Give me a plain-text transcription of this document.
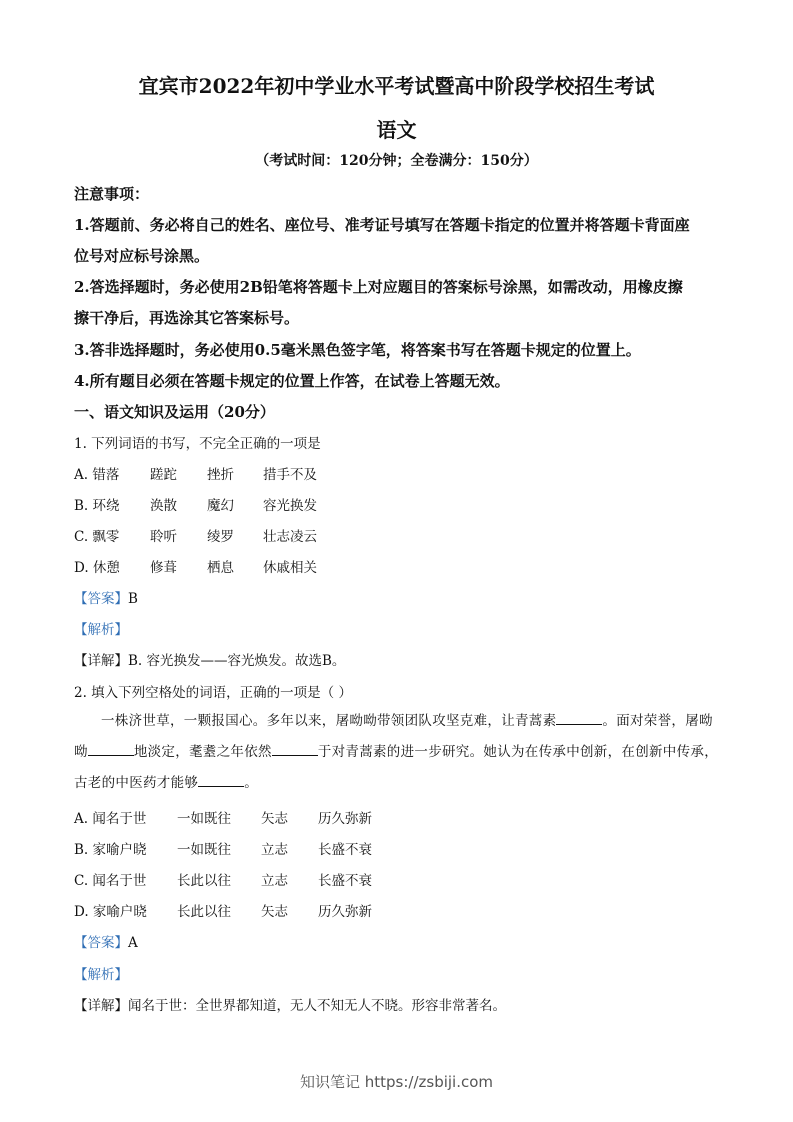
宜宾市2022年初中学业水平考试暨高中阶段学校招生考试
语文
（考试时间：120分钟；全卷满分：150分）
注意事项：
1.答题前、务必将自己的姓名、座位号、准考证号填写在答题卡指定的位置并将答题卡背面座
位号对应标号涂黑。
2.答选择题时，务必使用2B铅笔将答题卡上对应题目的答案标号涂黑，如需改动，用橡皮擦
擦干净后，再选涂其它答案标号。
3.答非选择题时，务必使用0.5毫米黑色签字笔，将答案书写在答题卡规定的位置上。
4.所有题目必须在答题卡规定的位置上作答，在试卷上答题无效。
一、语文知识及运用（20分）
1. 下列词语的书写，不完全正确的一项是
A. 错落 蹉跎 挫折 措手不及
B. 环绕 涣散 魔幻 容光换发
C. 飘零 聆听 绫罗 壮志凌云
D. 休憩 修葺 栖息 休戚相关
【答案】B
【解析】
【详解】B. 容光换发——容光焕发。故选B。
2. 填入下列空格处的词语，正确的一项是（ ）
一株济世草，一颗报国心。多年以来，屠呦呦带领团队攻坚克难，让青蒿素	。面对荣誉，屠呦
呦	地淡定，耄耋之年依然	于对青蒿素的进一步研究。她认为在传承中创新，在创新中传承，
古老的中医药才能够	。
A. 闻名于世 一如既往 矢志 历久弥新
B. 家喻户晓 一如既往 立志 长盛不衰
C. 闻名于世 长此以往 立志 长盛不衰
D. 家喻户晓 长此以往 矢志 历久弥新
【答案】A
【解析】
【详解】闻名于世：全世界都知道，无人不知无人不晓。形容非常著名。
知识笔记 https://zsbiji.com
